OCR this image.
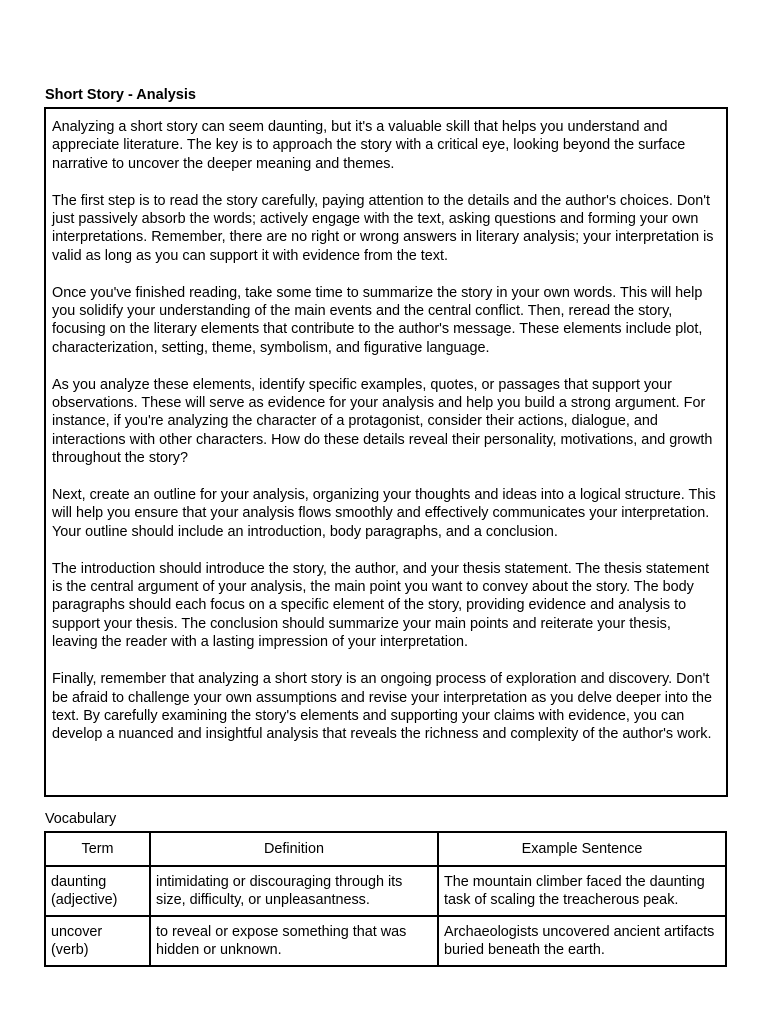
Short Story - Analysis

Analyzing a short story can seem daunting, but it's a valuable skill that helps you understand and appreciate literature. The key is to approach the story with a critical eye, looking beyond the surface narrative to uncover the deeper meaning and themes.

The first step is to read the story carefully, paying attention to the details and the author's choices. Don't just passively absorb the words; actively engage with the text, asking questions and forming your own interpretations. Remember, there are no right or wrong answers in literary analysis; your interpretation is valid as long as you can support it with evidence from the text.

Once you've finished reading, take some time to summarize the story in your own words. This will help you solidify your understanding of the main events and the central conflict. Then, reread the story, focusing on the literary elements that contribute to the author's message. These elements include plot, characterization, setting, theme, symbolism, and figurative language.

As you analyze these elements, identify specific examples, quotes, or passages that support your observations. These will serve as evidence for your analysis and help you build a strong argument. For instance, if you're analyzing the character of a protagonist, consider their actions, dialogue, and interactions with other characters. How do these details reveal their personality, motivations, and growth throughout the story?

Next, create an outline for your analysis, organizing your thoughts and ideas into a logical structure. This will help you ensure that your analysis flows smoothly and effectively communicates your interpretation. Your outline should include an introduction, body paragraphs, and a conclusion.

The introduction should introduce the story, the author, and your thesis statement. The thesis statement is the central argument of your analysis, the main point you want to convey about the story. The body paragraphs should each focus on a specific element of the story, providing evidence and analysis to support your thesis. The conclusion should summarize your main points and reiterate your thesis, leaving the reader with a lasting impression of your interpretation.

Finally, remember that analyzing a short story is an ongoing process of exploration and discovery. Don't be afraid to challenge your own assumptions and revise your interpretation as you delve deeper into the text. By carefully examining the story's elements and supporting your claims with evidence, you can develop a nuanced and insightful analysis that reveals the richness and complexity of the author's work.

Vocabulary
Term	Definition	Example Sentence
daunting
(adjective)	intimidating or discouraging through its size, difficulty, or unpleasantness.	The mountain climber faced the daunting task of scaling the treacherous peak.
uncover
(verb)	to reveal or expose something that was hidden or unknown.	Archaeologists uncovered ancient artifacts buried beneath the earth.
